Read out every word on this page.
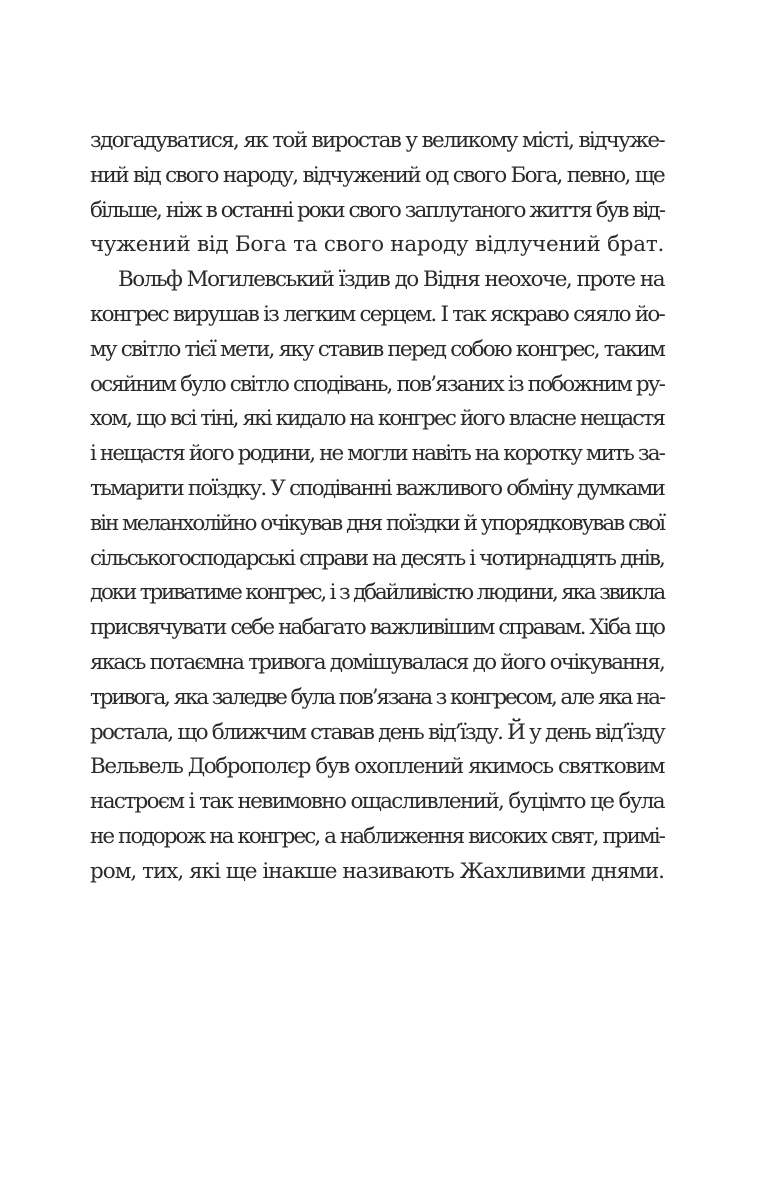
здогадуватися, як той виростав у великому місті, відчуже-
ний від свого народу, відчужений од свого Бога, певно, ще
більше, ніж в останні роки свого заплутаного життя був від-
чужений від Бога та свого народу відлучений брат.
Вольф Могилевський їздив до Відня неохоче, проте на
конгрес вирушав із легким серцем. І так яскраво сяяло йо-
му світло тієї мети, яку ставив перед собою конгрес, таким
осяйним було світло сподівань, пов’язаних із побожним ру-
хом, що всі тіні, які кидало на конгрес його власне нещастя
і нещастя його родини, не могли навіть на коротку мить за-
тьмарити поїздку. У сподіванні важливого обміну думками
він меланхолійно очікував дня поїздки й упорядковував свої
сільськогосподарські справи на десять і чотирнадцять днів,
доки триватиме конгрес, і з дбайливістю людини, яка звикла
присвячувати себе набагато важливішим справам. Хіба що
якась потаємна тривога домішувалася до його очікування,
тривога, яка заледве була пов’язана з конгресом, але яка на-
ростала, що ближчим ставав день від’їзду. Й у день від’їзду
Вельвель Доброполєр був охоплений якимось святковим
настроєм і так невимовно ощасливлений, буцімто це була
не подорож на конгрес, а наближення високих свят, примі-
ром, тих, які ще інакше називають Жахливими днями.
